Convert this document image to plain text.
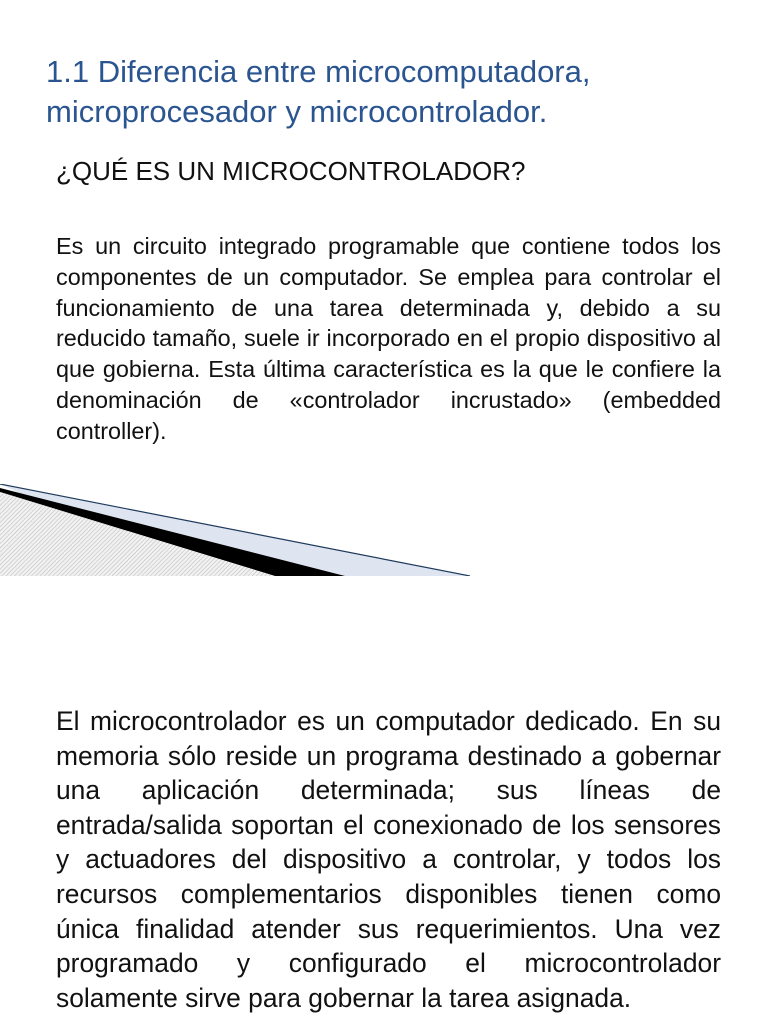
1.1 Diferencia entre microcomputadora, microprocesador y microcontrolador.
¿QUÉ ES UN MICROCONTROLADOR?

Es un circuito integrado programable que contiene todos los componentes de un computador. Se emplea para controlar el funcionamiento de una tarea determinada y, debido a su reducido tamaño, suele ir incorporado en el propio dispositivo al que gobierna. Esta última característica es la que le confiere la denominación de «controlador incrustado» (embedded controller).

El microcontrolador es un computador dedicado. En su memoria sólo reside un programa destinado a gobernar una aplicación determinada; sus líneas de entrada/salida soportan el conexionado de los sensores y actuadores del dispositivo a controlar, y todos los recursos complementarios disponibles tienen como única finalidad atender sus requerimientos. Una vez programado y configurado el microcontrolador solamente sirve para gobernar la tarea asignada.
